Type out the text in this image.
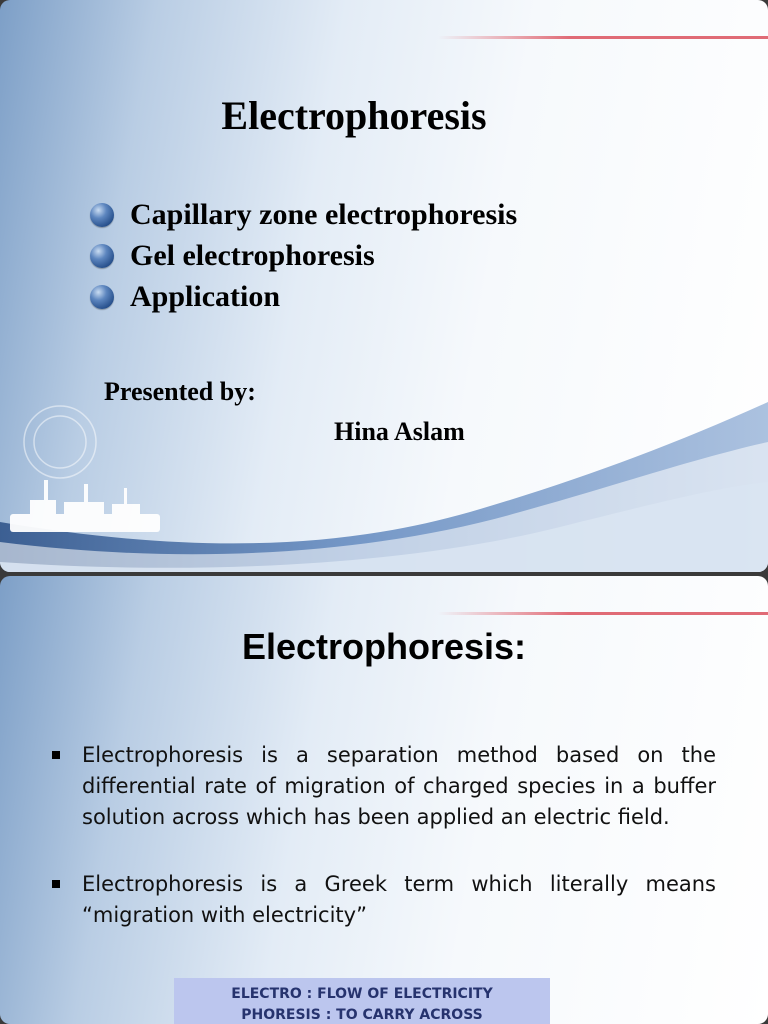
Electrophoresis
Capillary zone electrophoresis
Gel electrophoresis
Application
Presented by:
Hina Aslam
Electrophoresis:
Electrophoresis is a separation method based on the differential rate of migration of charged species in a buffer solution across which has been applied an electric field.
Electrophoresis is a Greek term which literally means “migration with electricity”
ELECTRO : FLOW OF ELECTRICITY
PHORESIS : TO CARRY ACROSS
